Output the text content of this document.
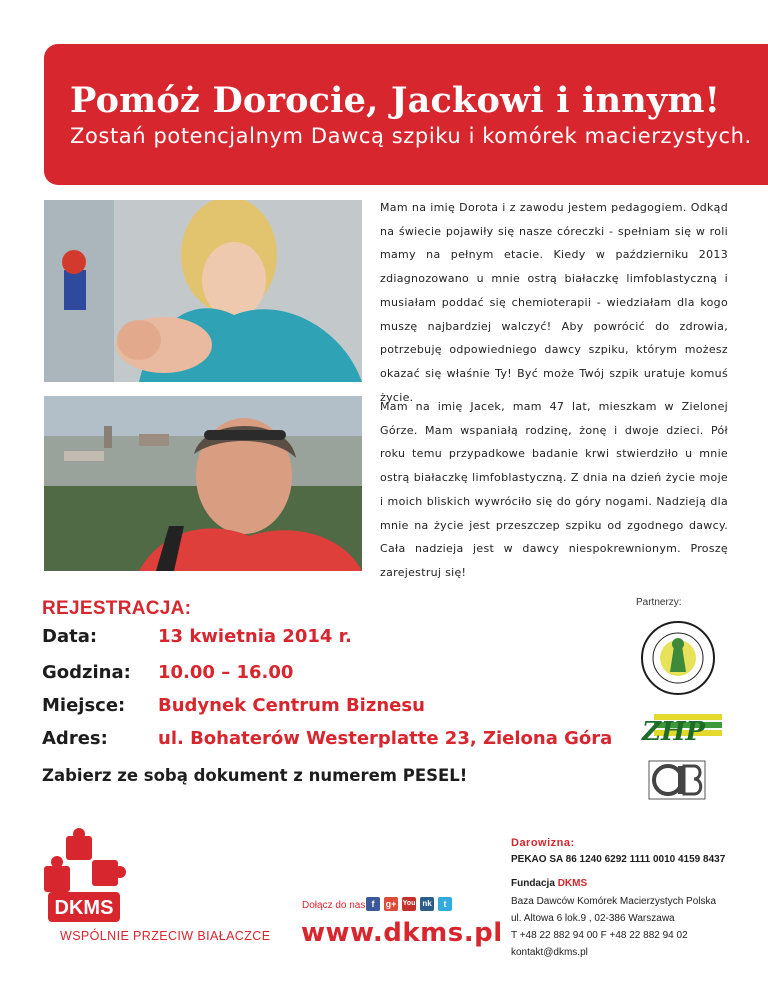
Pomóż Dorocie, Jackowi i innym!

Zostań potencjalnym Dawcą szpiku i komórek macierzystych.

Mam na imię Dorota i z zawodu jestem pedagogiem. Odkąd na świecie pojawiły się nasze córeczki - spełniam się w roli mamy na pełnym etacie. Kiedy w październiku 2013 zdiagnozowano u mnie ostrą białaczkę limfoblastyczną i musiałam poddać się chemioterapii - wiedziałam dla kogo muszę najbardziej walczyć! Aby powrócić do zdrowia, potrzebuję odpowiedniego dawcy szpiku, którym możesz okazać się właśnie Ty! Być może Twój szpik uratuje komuś życie.

Mam na imię Jacek, mam 47 lat, mieszkam w Zielonej Górze. Mam wspaniałą rodzinę, żonę i dwoje dzieci. Pół roku temu przypadkowe badanie krwi stwierdziło u mnie ostrą białaczkę limfoblastyczną. Z dnia na dzień życie moje i moich bliskich wywróciło się do góry nogami. Nadzieją dla mnie na życie jest przeszczep szpiku od zgodnego dawcy. Cała nadzieja jest w dawcy niespokrewnionym. Proszę zarejestruj się!

REJESTRACJA:	Partnerzy:
Data:	13 kwietnia 2014 r.
Godzina: 10.00 – 16.00
Miejsce: Budynek Centrum Biznesu
Adres:	ul. Bohaterów Westerplatte 23, Zielona Góra

Zabierz ze sobą dokument z numerem PESEL!

ZHP
DKMS
WSPÓLNIE PRZECIW BIAŁACZCE
Dołącz do nas f	g+ You nk	t
www.dkms.pl
Darowizna:
PEKAO SA 86 1240 6292 1111 0010 4159 8437
Fundacja DKMS
Baza Dawców Komórek Macierzystych Polska
ul. Altowa 6 lok.9 , 02-386 Warszawa
T +48 22 882 94 00 F +48 22 882 94 02
kontakt@dkms.pl
